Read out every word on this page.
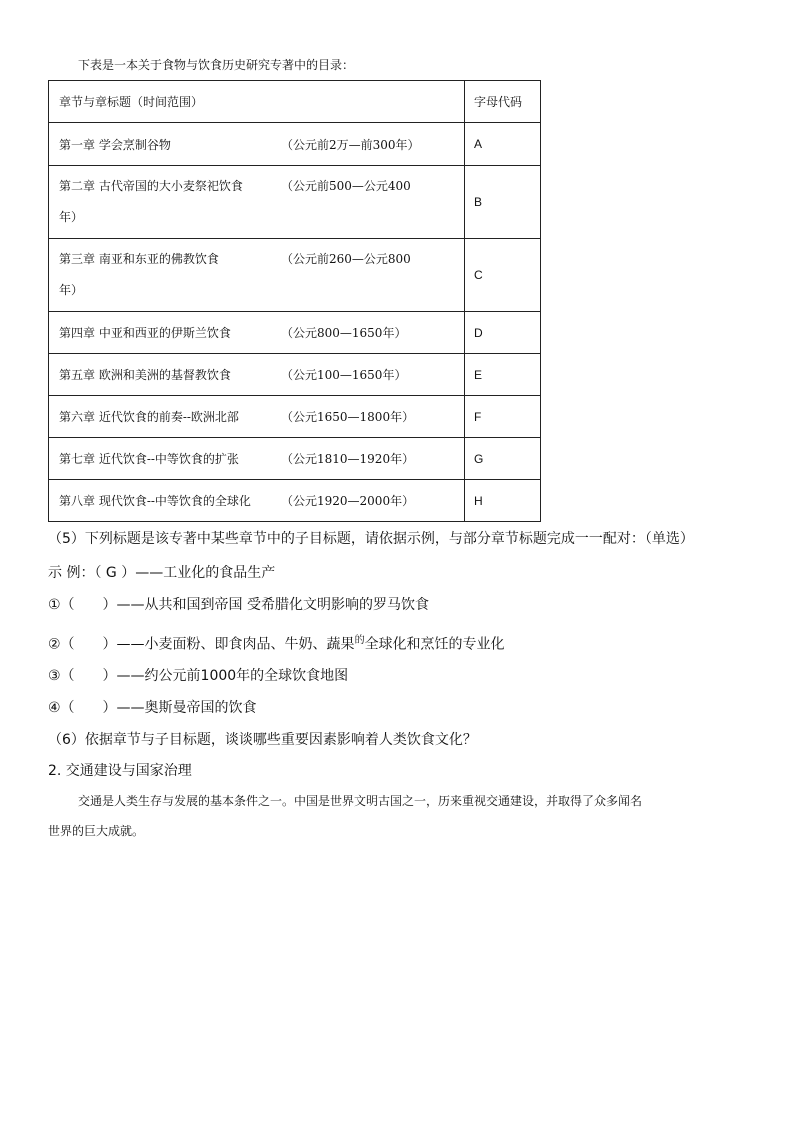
下表是一本关于食物与饮食历史研究专著中的目录：
章节与章标题（时间范围）	字母代码
第一章 学会烹制谷物 （公元前2万—前300年）	A
第二章 古代帝国的大小麦祭祀饮食 （公元前500—公元400
年）	B
第三章 南亚和东亚的佛教饮食 （公元前260—公元800
年）	C
第四章 中亚和西亚的伊斯兰饮食 （公元800—1650年）	D
第五章 欧洲和美洲的基督教饮食 （公元100—1650年）	E
第六章 近代饮食的前奏--欧洲北部 （公元1650—1800年）	F
第七章 近代饮食--中等饮食的扩张 （公元1810—1920年）	G
第八章 现代饮食--中等饮食的全球化 （公元1920—2000年）	H
（5）下列标题是该专著中某些章节中的子目标题，请依据示例，与部分章节标题完成一一配对：（单选）
示 例：（ G ）——工业化的食品生产
①（　　）——从共和国到帝国 受希腊化文明影响的罗马饮食
②（　　）——小麦面粉、即食肉品、牛奶、蔬果$^的$全球化和烹饪的专业化
③（　　）——约公元前1000年的全球饮食地图
④（　　）——奥斯曼帝国的饮食
（6）依据章节与子目标题，谈谈哪些重要因素影响着人类饮食文化？
2. 交通建设与国家治理
交通是人类生存与发展的基本条件之一。中国是世界文明古国之一，历来重视交通建设，并取得了众多闻名
世界的巨大成就。
